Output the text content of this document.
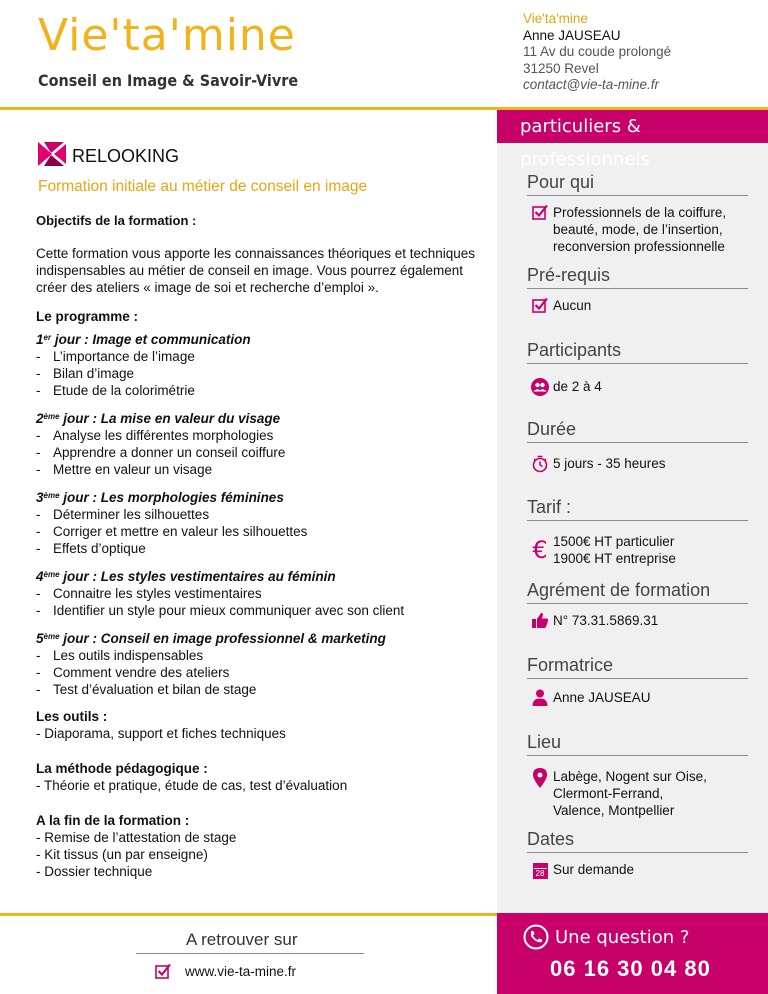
Vie'ta'mine
Conseil en Image & Savoir-Vivre
Vie'ta'mine
Anne JAUSEAU
11 Av du coude prolongé
31250 Revel
contact@vie-ta-mine.fr
particuliers & professionnels
RELOOKING
Formation initiale au métier de conseil en image
Objectifs de la formation :
Cette formation vous apporte les connaissances théoriques et techniques indispensables au métier de conseil en image. Vous pourrez également créer des ateliers « image de soi et recherche d’emploi ».
Le programme :
1er jour : Image et communication
- L’importance de l’image
- Bilan d’image
- Etude de la colorimétrie
2ème jour : La mise en valeur du visage
- Analyse les différentes morphologies
- Apprendre a donner un conseil coiffure
- Mettre en valeur un visage
3ème jour : Les morphologies féminines
- Déterminer les silhouettes
- Corriger et mettre en valeur les silhouettes
- Effets d’optique
4ème jour : Les styles vestimentaires au féminin
- Connaitre les styles vestimentaires
- Identifier un style pour mieux communiquer avec son client
5ème jour : Conseil en image professionnel & marketing
- Les outils indispensables
- Comment vendre des ateliers
- Test d’évaluation et bilan de stage
Les outils :
- Diaporama, support et fiches techniques
La méthode pédagogique :
- Théorie et pratique, étude de cas, test d’évaluation
A la fin de la formation :
- Remise de l’attestation de stage
- Kit tissus (un par enseigne)
- Dossier technique
Pour qui
Professionnels de la coiffure, beauté, mode, de l’insertion, reconversion professionnelle
Pré-requis
Aucun
Participants
de 2 à 4
Durée
5 jours - 35 heures
Tarif :
€ 1500€ HT particulier
1900€ HT entreprise
Agrément de formation
N° 73.31.5869.31
Formatrice
Anne JAUSEAU
Lieu
Labège, Nogent sur Oise,
Clermont-Ferrand,
Valence, Montpellier
Dates
28 Sur demande
A retrouver sur
www.vie-ta-mine.fr
Une question ?
06 16 30 04 80
